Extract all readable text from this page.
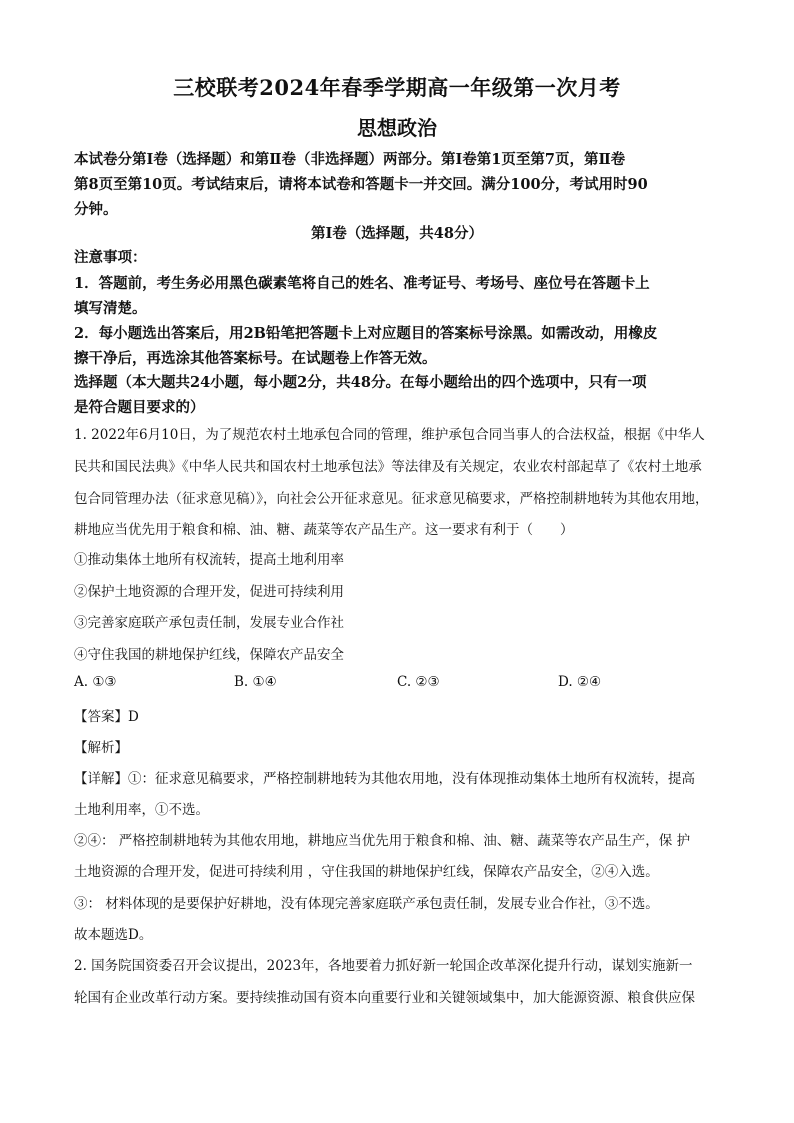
三校联考2024年春季学期高一年级第一次月考
思想政治
本试卷分第Ⅰ卷（选择题）和第Ⅱ卷（非选择题）两部分。第Ⅰ卷第1页至第7页，第Ⅱ卷
第8页至第10页。考试结束后，请将本试卷和答题卡一并交回。满分100分，考试用时90
分钟。
第Ⅰ卷（选择题，共48分）
注意事项：
1．答题前，考生务必用黑色碳素笔将自己的姓名、准考证号、考场号、座位号在答题卡上
填写清楚。
2．每小题选出答案后，用2B铅笔把答题卡上对应题目的答案标号涂黑。如需改动，用橡皮
擦干净后，再选涂其他答案标号。在试题卷上作答无效。
选择题（本大题共24小题，每小题2分，共48分。在每小题给出的四个选项中，只有一项
是符合题目要求的）
1. 2022年6月10日，为了规范农村土地承包合同的管理，维护承包合同当事人的合法权益，根据《中华人
民共和国民法典》《中华人民共和国农村土地承包法》等法律及有关规定，农业农村部起草了《农村土地承
包合同管理办法（征求意见稿）》，向社会公开征求意见。征求意见稿要求，严格控制耕地转为其他农用地，
耕地应当优先用于粮食和棉、油、糖、蔬菜等农产品生产。这一要求有利于（　　）
①推动集体土地所有权流转，提高土地利用率
②保护土地资源的合理开发，促进可持续利用
③完善家庭联产承包责任制，发展专业合作社
④守住我国的耕地保护红线，保障农产品安全
A. ①③	B. ①④	C. ②③	D. ②④
【答案】D
【解析】
【详解】①：征求意见稿要求，严格控制耕地转为其他农用地，没有体现推动集体土地所有权流转，提高
土地利用率，①不选。
②④： 严格控制耕地转为其他农用地，耕地应当优先用于粮食和棉、油、糖、蔬菜等农产品生产，保 护
土地资源的合理开发，促进可持续利用 ，守住我国的耕地保护红线，保障农产品安全，②④入选。
③： 材料体现的是要保护好耕地，没有体现完善家庭联产承包责任制，发展专业合作社，③不选。
故本题选D。
2. 国务院国资委召开会议提出，2023年，各地要着力抓好新一轮国企改革深化提升行动，谋划实施新一
轮国有企业改革行动方案。要持续推动国有资本向重要行业和关键领域集中，加大能源资源、粮食供应保
